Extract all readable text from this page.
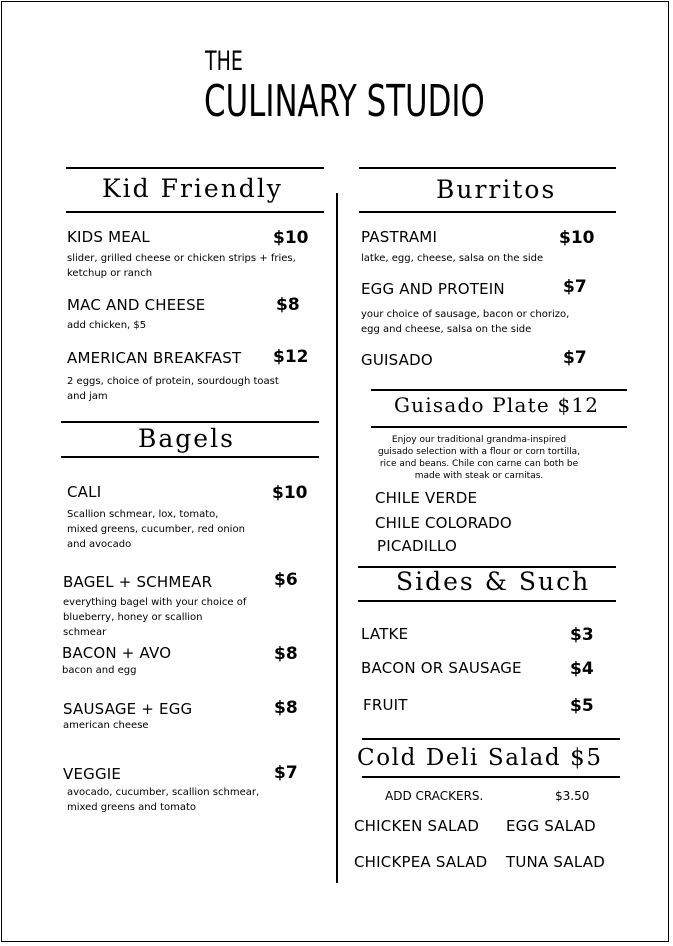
THE
CULINARY STUDIO
Kid Friendly
KIDS MEAL	$10
slider, grilled cheese or chicken strips + fries, ketchup or ranch
MAC AND CHEESE	$8
add chicken, $5
AMERICAN BREAKFAST $12
2 eggs, choice of protein, sourdough toast and jam
Bagels
CALI	$10
Scallion schmear, lox, tomato, mixed greens, cucumber, red onion and avocado
BAGEL + SCHMEAR	$6
everything bagel with your choice of blueberry, honey or scallion schmear
BACON + AVO	$8
bacon and egg
SAUSAGE + EGG	$8
american cheese
VEGGIE	$7
avocado, cucumber, scallion schmear, mixed greens and tomato
Burritos
PASTRAMI	$10
latke, egg, cheese, salsa on the side
EGG AND PROTEIN	$7
your choice of sausage, bacon or chorizo, egg and cheese, salsa on the side
GUISADO	$7
Guisado Plate $12
Enjoy our traditional grandma-inspired guisado selection with a flour or corn tortilla, rice and beans. Chile con carne can both be made with steak or carnitas.
CHILE VERDE
CHILE COLORADO
PICADILLO
Sides & Such
LATKE	$3
BACON OR SAUSAGE	$4
FRUIT	$5
Cold Deli Salad $5
ADD CRACKERS.	$3.50
CHICKEN SALAD EGG SALAD
CHICKPEA SALAD TUNA SALAD
